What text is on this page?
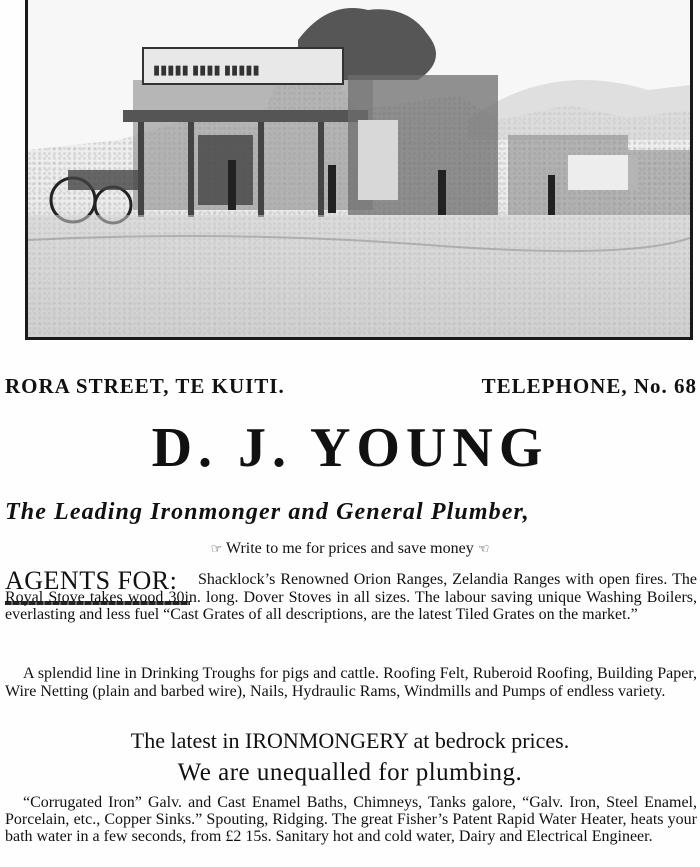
▮▮▮▮▮ ▮▮▮▮ ▮▮▮▮▮
RORA STREET, TE KUITI.	TELEPHONE, No. 68
D. J. YOUNG
The Leading Ironmonger and General Plumber,
☞ Write to me for prices and save money ☜
AGENTS FOR:	Shacklock’s Renowned Orion Ranges, Zelandia Ranges with open fires. The Royal Stove takes wood 30in. long. Dover Stoves in all sizes. The labour saving unique Washing Boilers, everlasting and less fuel “Cast Grates of all descriptions, are the latest Tiled Grates on the market.”

A splendid line in Drinking Troughs for pigs and cattle. Roofing Felt, Ruberoid Roofing, Building Paper, Wire Netting (plain and barbed wire), Nails, Hydraulic Rams, Windmills and Pumps of endless variety.

The latest in IRONMONGERY at bedrock prices.
We are unequalled for plumbing.

“Corrugated Iron” Galv. and Cast Enamel Baths, Chimneys, Tanks galore, “Galv. Iron, Steel Enamel, Porcelain, etc., Copper Sinks.” Spouting, Ridging. The great Fisher’s Patent Rapid Water Heater, heats your bath water in a few seconds, from £2 15s. Sanitary hot and cold water, Dairy and Electrical Engineer.
